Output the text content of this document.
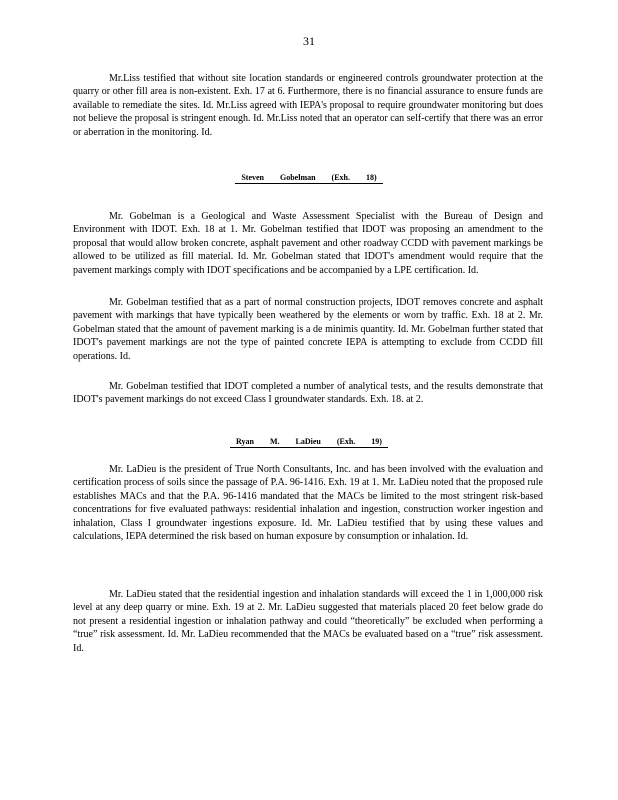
31

Mr.Liss testified that without site location standards or engineered controls groundwater protection at the quarry or other fill area is non-existent. Exh. 17 at 6. Furthermore, there is no financial assurance to ensure funds are available to remediate the sites. Id. Mr.Liss agreed with IEPA's proposal to require groundwater monitoring but does not believe the proposal is stringent enough. Id. Mr.Liss noted that an operator can self-certify that there was an error or aberration in the monitoring. Id.

Steven Gobelman (Exh. 18)

Mr. Gobelman is a Geological and Waste Assessment Specialist with the Bureau of Design and Environment with IDOT. Exh. 18 at 1. Mr. Gobelman testified that IDOT was proposing an amendment to the proposal that would allow broken concrete, asphalt pavement and other roadway CCDD with pavement markings be allowed to be utilized as fill material. Id. Mr. Gobelman stated that IDOT's amendment would require that the pavement markings comply with IDOT specifications and be accompanied by a LPE certification. Id.

Mr. Gobelman testified that as a part of normal construction projects, IDOT removes concrete and asphalt pavement with markings that have typically been weathered by the elements or worn by traffic. Exh. 18 at 2. Mr. Gobelman stated that the amount of pavement marking is a de minimis quantity. Id. Mr. Gobelman further stated that IDOT's pavement markings are not the type of painted concrete IEPA is attempting to exclude from CCDD fill operations. Id.

Mr. Gobelman testified that IDOT completed a number of analytical tests, and the results demonstrate that IDOT's pavement markings do not exceed Class I groundwater standards. Exh. 18. at 2.

Ryan M. LaDieu (Exh. 19)

Mr. LaDieu is the president of True North Consultants, Inc. and has been involved with the evaluation and certification process of soils since the passage of P.A. 96-1416. Exh. 19 at 1. Mr. LaDieu noted that the proposed rule establishes MACs and that the P.A. 96-1416 mandated that the MACs be limited to the most stringent risk-based concentrations for five evaluated pathways: residential inhalation and ingestion, construction worker ingestion and inhalation, Class I groundwater ingestions exposure. Id. Mr. LaDieu testified that by using these values and calculations, IEPA determined the risk based on human exposure by consumption or inhalation. Id.

Mr. LaDieu stated that the residential ingestion and inhalation standards will exceed the 1 in 1,000,000 risk level at any deep quarry or mine. Exh. 19 at 2. Mr. LaDieu suggested that materials placed 20 feet below grade do not present a residential ingestion or inhalation pathway and could “theoretically” be excluded when performing a “true” risk assessment. Id. Mr. LaDieu recommended that the MACs be evaluated based on a “true” risk assessment. Id.
